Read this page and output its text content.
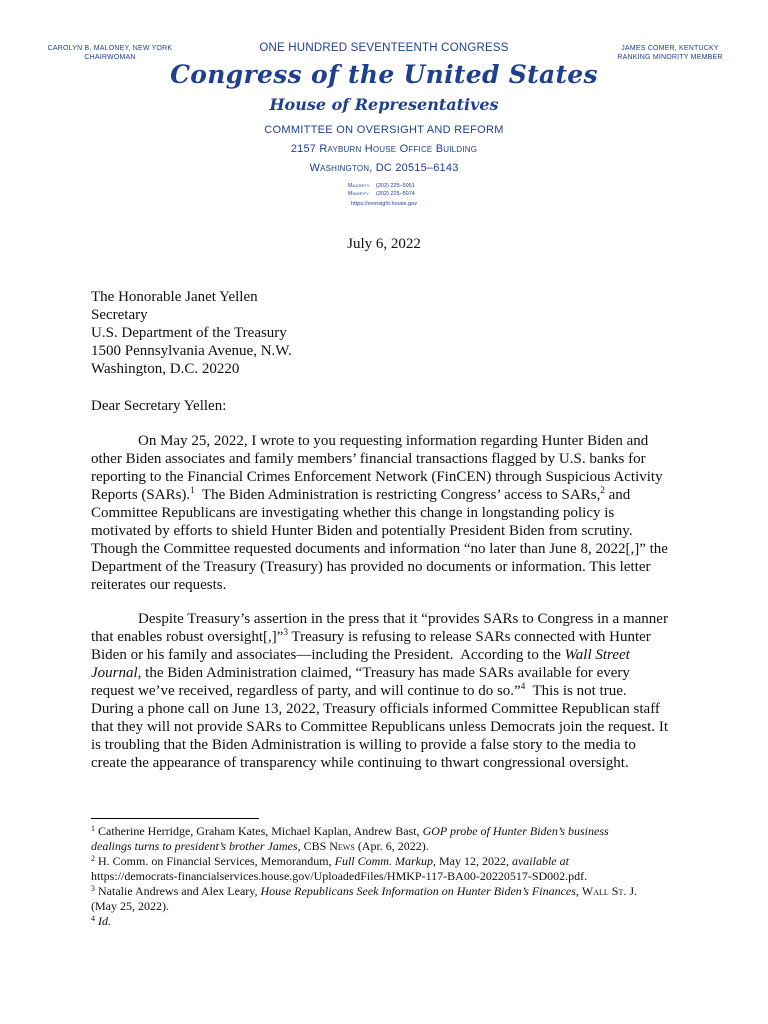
CAROLYN B. MALONEY, NEW YORK
CHAIRWOMAN
JAMES COMER, KENTUCKY
RANKING MINORITY MEMBER
ONE HUNDRED SEVENTEENTH CONGRESS
Congress of the United States
House of Representatives
COMMITTEE ON OVERSIGHT AND REFORM
2157 Rayburn House Office Building
Washington, DC 20515–6143
Majority (202) 225–5051
Minority (202) 225–5074
https://oversight.house.gov
July 6, 2022
The Honorable Janet Yellen
Secretary
U.S. Department of the Treasury
1500 Pennsylvania Avenue, N.W.
Washington, D.C. 20220
Dear Secretary Yellen:
On May 25, 2022, I wrote to you requesting information regarding Hunter Biden and
other Biden associates and family members’ financial transactions flagged by U.S. banks for
reporting to the Financial Crimes Enforcement Network (FinCEN) through Suspicious Activity
Reports (SARs).$^1$  The Biden Administration is restricting Congress’ access to SARs,$^2$ and
Committee Republicans are investigating whether this change in longstanding policy is
motivated by efforts to shield Hunter Biden and potentially President Biden from scrutiny.
Though the Committee requested documents and information “no later than June 8, 2022[,]” the
Department of the Treasury (Treasury) has provided no documents or information. This letter
reiterates our requests.
Despite Treasury’s assertion in the press that it “provides SARs to Congress in a manner
that enables robust oversight[,]”$^3$ Treasury is refusing to release SARs connected with Hunter
Biden or his family and associates—including the President.  According to the Wall Street
Journal, the Biden Administration claimed, “Treasury has made SARs available for every
request we’ve received, regardless of party, and will continue to do so.”$^4$  This is not true.
During a phone call on June 13, 2022, Treasury officials informed Committee Republican staff
that they will not provide SARs to Committee Republicans unless Democrats join the request. It
is troubling that the Biden Administration is willing to provide a false story to the media to
create the appearance of transparency while continuing to thwart congressional oversight.
$^1$ Catherine Herridge, Graham Kates, Michael Kaplan, Andrew Bast, GOP probe of Hunter Biden’s business
dealings turns to president’s brother James, CBS News (Apr. 6, 2022).
$^2$ H. Comm. on Financial Services, Memorandum, Full Comm. Markup, May 12, 2022, available at
https://democrats-financialservices.house.gov/UploadedFiles/HMKP-117-BA00-20220517-SD002.pdf.
$^3$ Natalie Andrews and Alex Leary, House Republicans Seek Information on Hunter Biden’s Finances, Wall St. J.
(May 25, 2022).
$^4$ Id.
